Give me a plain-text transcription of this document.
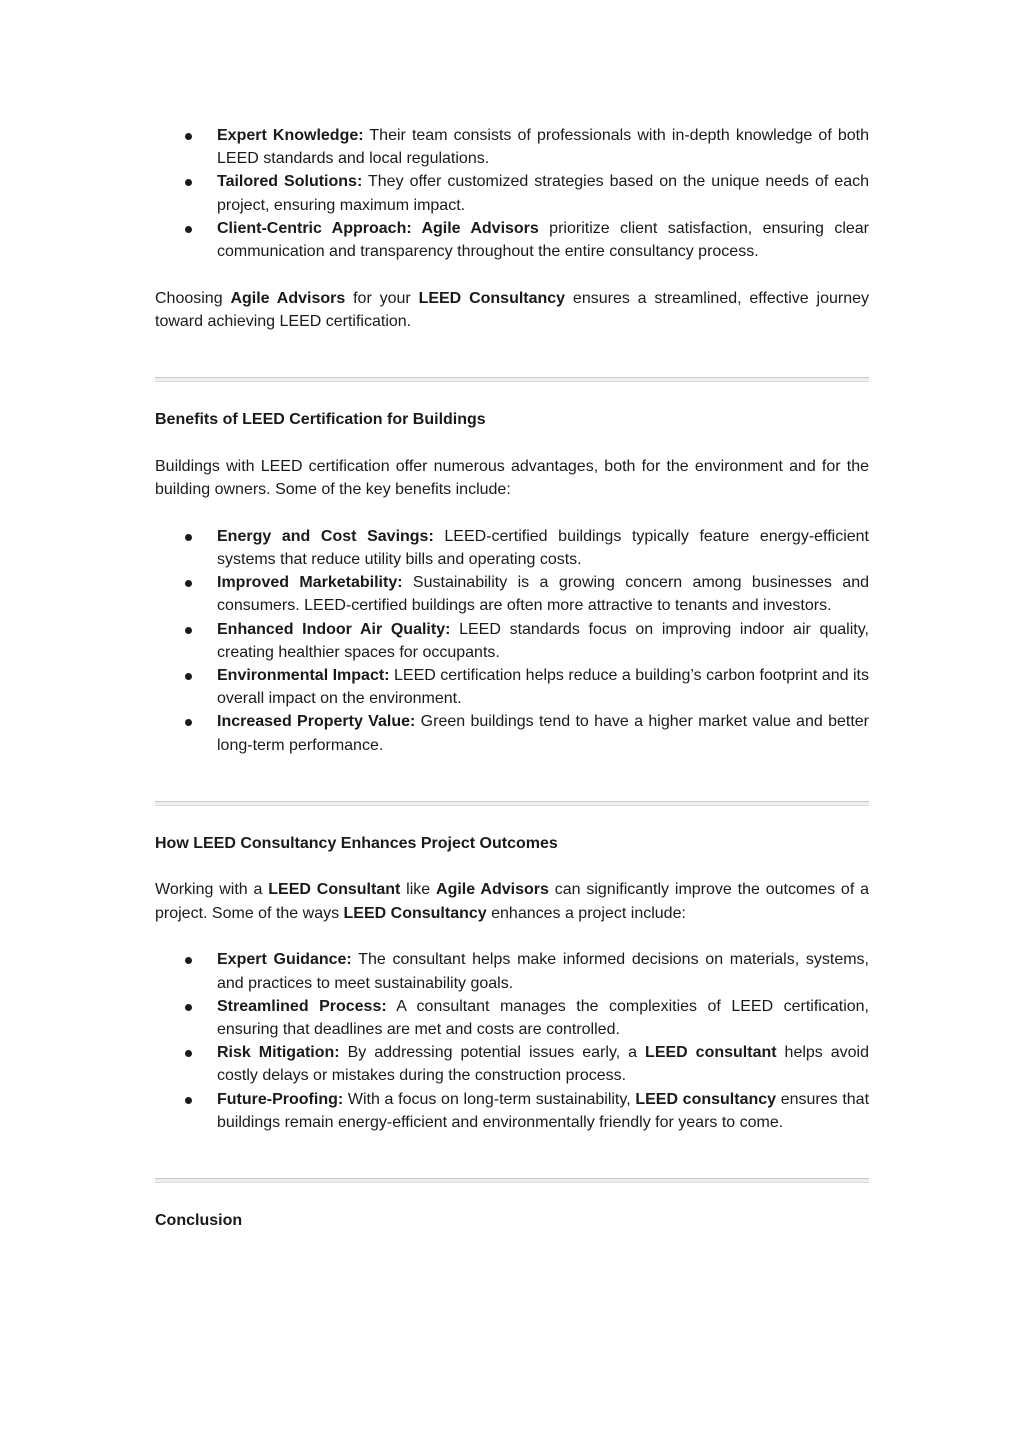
Expert Knowledge: Their team consists of professionals with in-depth knowledge of both LEED standards and local regulations.
Tailored Solutions: They offer customized strategies based on the unique needs of each project, ensuring maximum impact.
Client-Centric Approach: Agile Advisors prioritize client satisfaction, ensuring clear communication and transparency throughout the entire consultancy process.

Choosing Agile Advisors for your LEED Consultancy ensures a streamlined, effective journey toward achieving LEED certification.

Benefits of LEED Certification for Buildings

Buildings with LEED certification offer numerous advantages, both for the environment and for the building owners. Some of the key benefits include:

Energy and Cost Savings: LEED-certified buildings typically feature energy-efficient systems that reduce utility bills and operating costs.
Improved Marketability: Sustainability is a growing concern among businesses and consumers. LEED-certified buildings are often more attractive to tenants and investors.
Enhanced Indoor Air Quality: LEED standards focus on improving indoor air quality, creating healthier spaces for occupants.
Environmental Impact: LEED certification helps reduce a building’s carbon footprint and its overall impact on the environment.
Increased Property Value: Green buildings tend to have a higher market value and better long-term performance.

How LEED Consultancy Enhances Project Outcomes

Working with a LEED Consultant like Agile Advisors can significantly improve the outcomes of a project. Some of the ways LEED Consultancy enhances a project include:

Expert Guidance: The consultant helps make informed decisions on materials, systems, and practices to meet sustainability goals.
Streamlined Process: A consultant manages the complexities of LEED certification, ensuring that deadlines are met and costs are controlled.
Risk Mitigation: By addressing potential issues early, a LEED consultant helps avoid costly delays or mistakes during the construction process.
Future-Proofing: With a focus on long-term sustainability, LEED consultancy ensures that buildings remain energy-efficient and environmentally friendly for years to come.

Conclusion
